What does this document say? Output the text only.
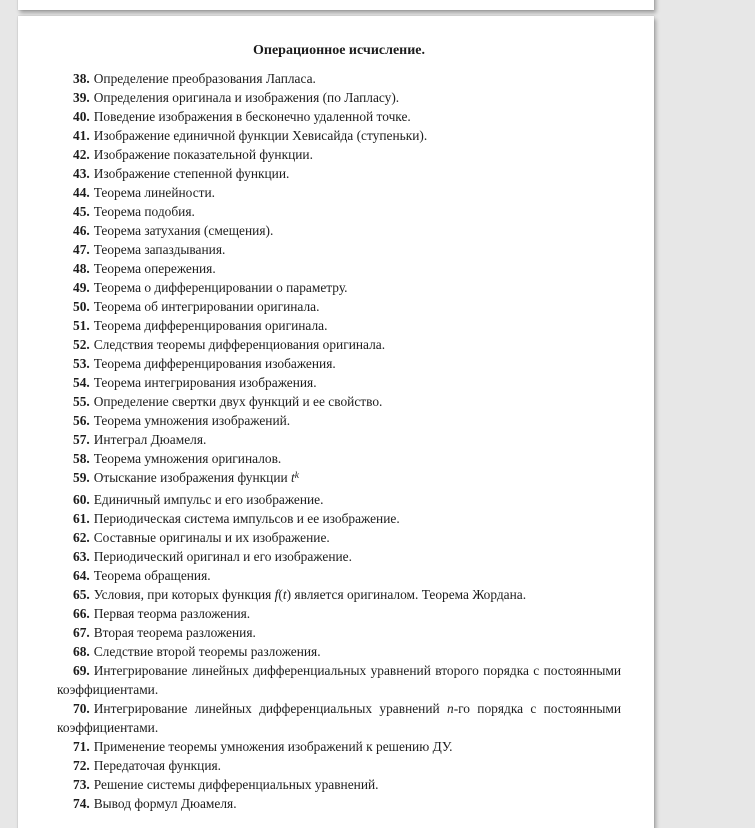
Операционное исчисление.

38. Определение преобразования Лапласа.

39. Определения оригинала и изображения (по Лапласу).

40. Поведение изображения в бесконечно удаленной точке.

41. Изображение единичной функции Хевисайда (ступеньки).

42. Изображение показательной функции.

43. Изображение степенной функции.

44. Теорема линейности.

45. Теорема подобия.

46. Теорема затухания (смещения).

47. Теорема запаздывания.

48. Теорема опережения.

49. Теорема о дифференцировании о параметру.

50. Теорема об интегрировании оригинала.

51. Теорема дифференцирования оригинала.

52. Следствия теоремы дифференциования оригинала.

53. Теорема дифференцирования изобажения.

54. Теорема интегрирования изображения.

55. Определение свертки двух функций и ее свойство.

56. Теорема умножения изображений.

57. Интеграл Дюамеля.

58. Теорема умножения оригиналов.

59. Отыскание изображения функции $t^k$

60. Единичный импульс и его изображение.

61. Периодическая система импульсов и ее изображение.

62. Составные оригиналы и их изображение.

63. Периодический оригинал и его изображение.

64. Теорема обращения.

65. Условия, при которых функция f(t) является оригиналом. Теорема Жордана.

66. Первая теорма разложения.

67. Вторая теорема разложения.

68. Следствие второй теоремы разложения.

69. Интегрирование линейных дифференциальных уравнений второго порядка с постоянными коэффициентами.

70. Интегрирование линейных дифференциальных уравнений n-го порядка с постоянными коэффициентами.

71. Применение теоремы умножения изображений к решению ДУ.

72. Передаточая функция.

73. Решение системы дифференциальных уравнений.

74. Вывод формул Дюамеля.
